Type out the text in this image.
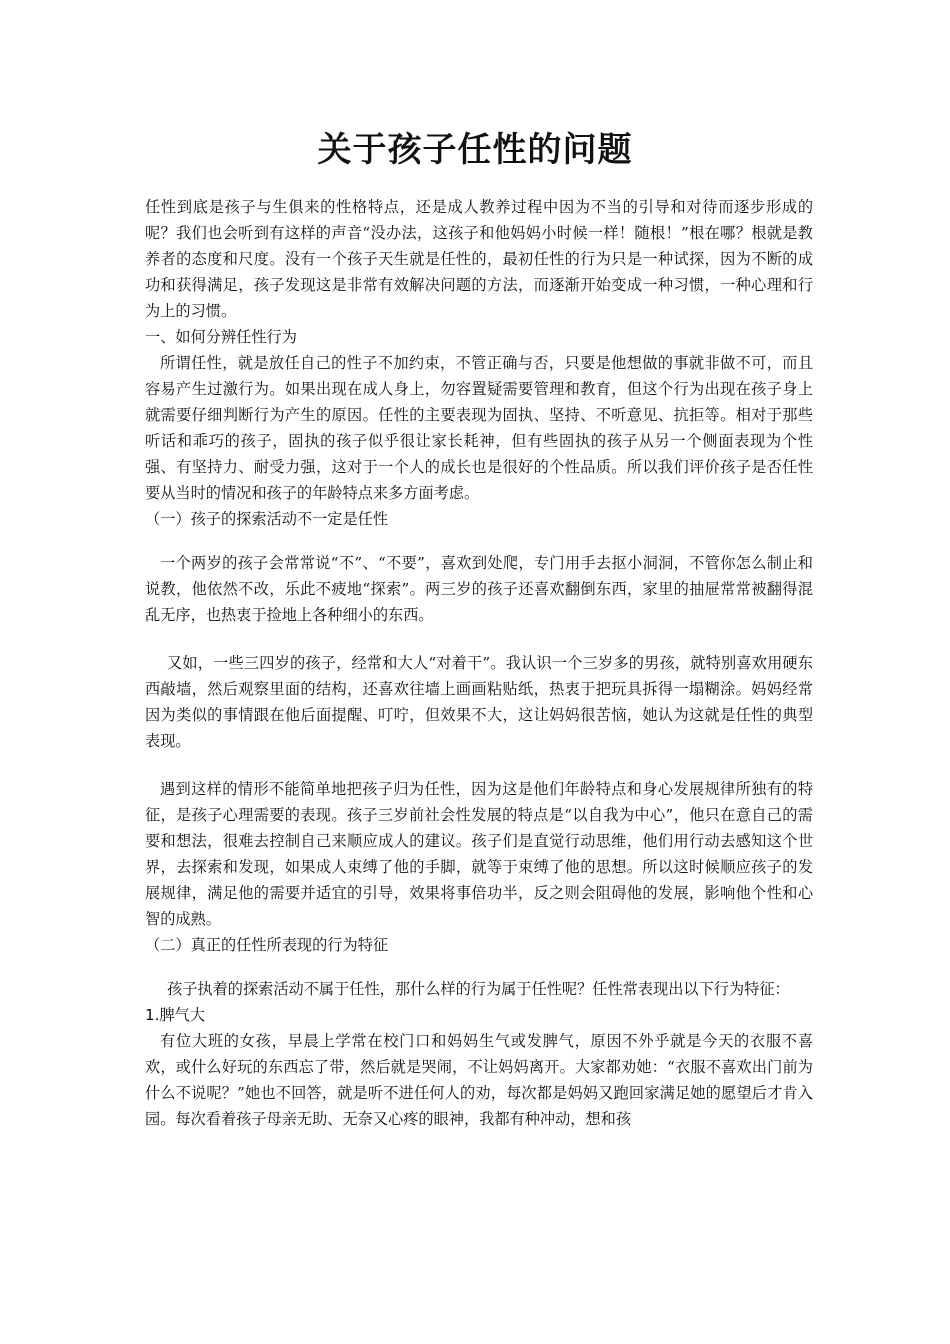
关于孩子任性的问题

任性到底是孩子与生俱来的性格特点，还是成人教养过程中因为不当的引导和对待而逐步形成的呢？我们也会听到有这样的声音“没办法，这孩子和他妈妈小时候一样！随根！”根在哪？根就是教养者的态度和尺度。没有一个孩子天生就是任性的，最初任性的行为只是一种试探，因为不断的成功和获得满足，孩子发现这是非常有效解决问题的方法，而逐渐开始变成一种习惯，一种心理和行为上的习惯。

一、如何分辨任性行为

所谓任性，就是放任自己的性子不加约束，不管正确与否，只要是他想做的事就非做不可，而且容易产生过激行为。如果出现在成人身上，勿容置疑需要管理和教育，但这个行为出现在孩子身上就需要仔细判断行为产生的原因。任性的主要表现为固执、坚持、不听意见、抗拒等。相对于那些听话和乖巧的孩子，固执的孩子似乎很让家长耗神，但有些固执的孩子从另一个侧面表现为个性强、有坚持力、耐受力强，这对于一个人的成长也是很好的个性品质。所以我们评价孩子是否任性要从当时的情况和孩子的年龄特点来多方面考虑。

（一）孩子的探索活动不一定是任性

一个两岁的孩子会常常说“不”、“不要”，喜欢到处爬，专门用手去抠小洞洞，不管你怎么制止和说教，他依然不改，乐此不疲地“探索”。两三岁的孩子还喜欢翻倒东西，家里的抽屉常常被翻得混乱无序，也热衷于捡地上各种细小的东西。

又如，一些三四岁的孩子，经常和大人“对着干”。我认识一个三岁多的男孩，就特别喜欢用硬东西敲墙，然后观察里面的结构，还喜欢往墙上画画粘贴纸，热衷于把玩具拆得一塌糊涂。妈妈经常因为类似的事情跟在他后面提醒、叮咛，但效果不大，这让妈妈很苦恼，她认为这就是任性的典型表现。

遇到这样的情形不能简单地把孩子归为任性，因为这是他们年龄特点和身心发展规律所独有的特征，是孩子心理需要的表现。孩子三岁前社会性发展的特点是“以自我为中心”，他只在意自己的需要和想法，很难去控制自己来顺应成人的建议。孩子们是直觉行动思维，他们用行动去感知这个世界，去探索和发现，如果成人束缚了他的手脚，就等于束缚了他的思想。所以这时候顺应孩子的发展规律，满足他的需要并适宜的引导，效果将事倍功半，反之则会阻碍他的发展，影响他个性和心智的成熟。

（二）真正的任性所表现的行为特征

孩子执着的探索活动不属于任性，那什么样的行为属于任性呢？任性常表现出以下行为特征：

1.脾气大

有位大班的女孩，早晨上学常在校门口和妈妈生气或发脾气，原因不外乎就是今天的衣服不喜欢，或什么好玩的东西忘了带，然后就是哭闹，不让妈妈离开。大家都劝她：“衣服不喜欢出门前为什么不说呢？”她也不回答，就是听不进任何人的劝，每次都是妈妈又跑回家满足她的愿望后才肯入园。每次看着孩子母亲无助、无奈又心疼的眼神，我都有种冲动，想和孩
